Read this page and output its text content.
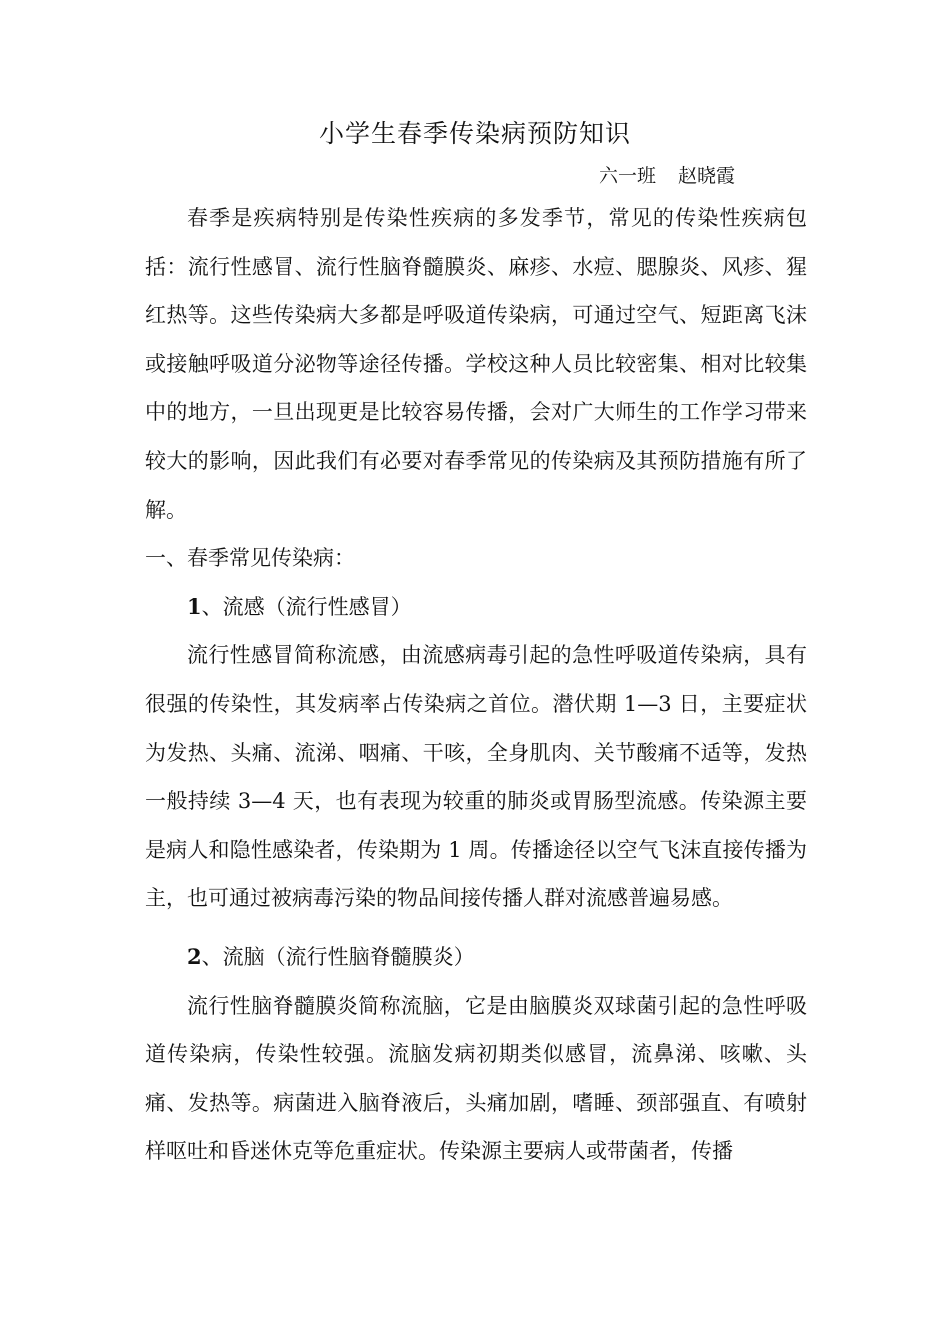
小学生春季传染病预防知识
六一班 赵晓霞

春季是疾病特别是传染性疾病的多发季节，常见的传染性疾病包括：流行性感冒、流行性脑脊髓膜炎、麻疹、水痘、腮腺炎、风疹、猩红热等。这些传染病大多都是呼吸道传染病，可通过空气、短距离飞沫或接触呼吸道分泌物等途径传播。学校这种人员比较密集、相对比较集中的地方，一旦出现更是比较容易传播，会对广大师生的工作学习带来较大的影响，因此我们有必要对春季常见的传染病及其预防措施有所了解。

一、春季常见传染病：

1、流感（流行性感冒）

流行性感冒简称流感，由流感病毒引起的急性呼吸道传染病，具有很强的传染性，其发病率占传染病之首位。潜伏期 1—3 日，主要症状为发热、头痛、流涕、咽痛、干咳，全身肌肉、关节酸痛不适等，发热一般持续 3—4 天，也有表现为较重的肺炎或胃肠型流感。传染源主要是病人和隐性感染者，传染期为 1 周。传播途径以空气飞沫直接传播为主，也可通过被病毒污染的物品间接传播人群对流感普遍易感。

2、流脑（流行性脑脊髓膜炎）

流行性脑脊髓膜炎简称流脑，它是由脑膜炎双球菌引起的急性呼吸道传染病，传染性较强。流脑发病初期类似感冒，流鼻涕、咳嗽、头痛、发热等。病菌进入脑脊液后，头痛加剧，嗜睡、颈部强直、有喷射样呕吐和昏迷休克等危重症状。传染源主要病人或带菌者，传播
